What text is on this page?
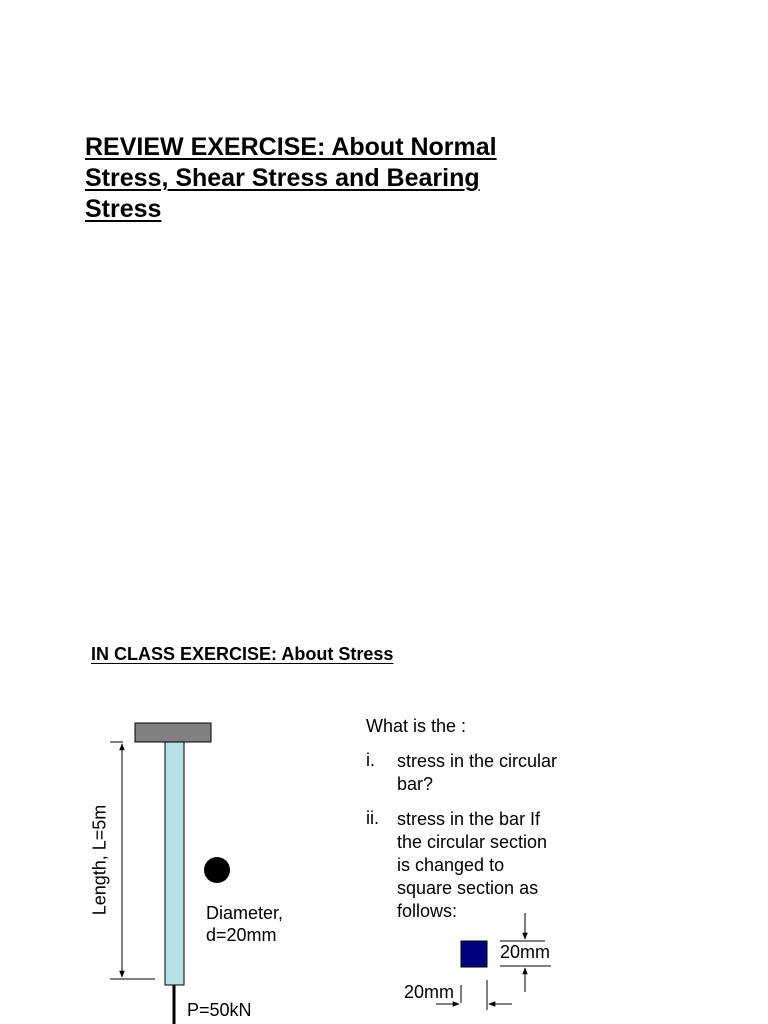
REVIEW EXERCISE: About Normal
Stress, Shear Stress and Bearing
Stress
IN CLASS EXERCISE: About Stress
Length, L=5m	Diameter,
d=20mm
P=50kN
20mm
20mm
What is the :
i. stress in the circular
bar?
ii. stress in the bar If
the circular section
is changed to
square section as
follows:
